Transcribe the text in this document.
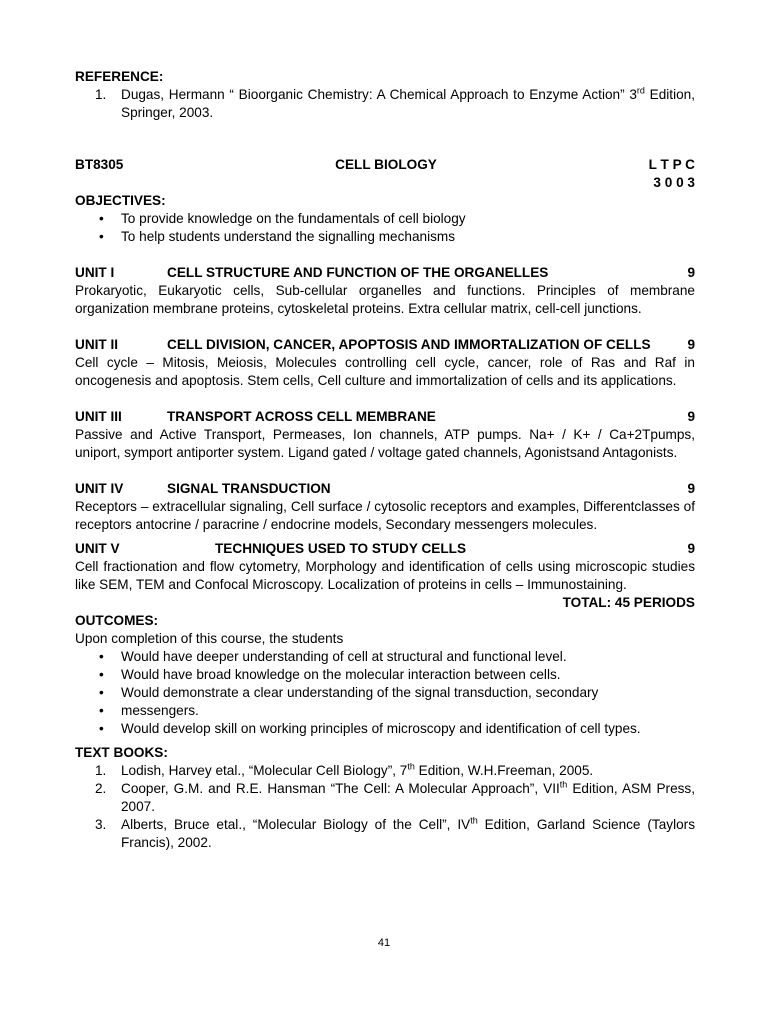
REFERENCE:
1. Dugas, Hermann “ Bioorganic Chemistry: A Chemical Approach to Enzyme Action” 3rd Edition, Springer, 2003.
BT8305	CELL BIOLOGY	L T P C
3 0 0 3
OBJECTIVES:
• To provide knowledge on the fundamentals of cell biology
• To help students understand the signalling mechanisms
UNIT I	CELL STRUCTURE AND FUNCTION OF THE ORGANELLES	9

Prokaryotic, Eukaryotic cells, Sub-cellular organelles and functions. Principles of membrane organization membrane proteins, cytoskeletal proteins. Extra cellular matrix, cell-cell junctions.

UNIT II	CELL DIVISION, CANCER, APOPTOSIS AND IMMORTALIZATION OF CELLS	9

Cell cycle – Mitosis, Meiosis, Molecules controlling cell cycle, cancer, role of Ras and Raf in oncogenesis and apoptosis. Stem cells, Cell culture and immortalization of cells and its applications.

UNIT III	TRANSPORT ACROSS CELL MEMBRANE	9

Passive and Active Transport, Permeases, Ion channels, ATP pumps. Na+ / K+ / Ca+2Tpumps, uniport, symport antiporter system. Ligand gated / voltage gated channels, Agonistsand Antagonists.

UNIT IV	SIGNAL TRANSDUCTION	9

Receptors – extracellular signaling, Cell surface / cytosolic receptors and examples, Differentclasses of receptors antocrine / paracrine / endocrine models, Secondary messengers molecules.

UNIT V	TECHNIQUES USED TO STUDY CELLS	9

Cell fractionation and flow cytometry, Morphology and identification of cells using microscopic studies like SEM, TEM and Confocal Microscopy. Localization of proteins in cells – Immunostaining.

TOTAL: 45 PERIODS
OUTCOMES:
Upon completion of this course, the students
• Would have deeper understanding of cell at structural and functional level.
• Would have broad knowledge on the molecular interaction between cells.
• Would demonstrate a clear understanding of the signal transduction, secondary
• messengers.
• Would develop skill on working principles of microscopy and identification of cell types.
TEXT BOOKS:
1. Lodish, Harvey etal., “Molecular Cell Biology”, 7th Edition, W.H.Freeman, 2005.
2. Cooper, G.M. and R.E. Hansman “The Cell: A Molecular Approach”, VIIth Edition, ASM Press, 2007.
3. Alberts, Bruce etal., “Molecular Biology of the Cell”, IVth Edition, Garland Science (Taylors Francis), 2002.
41
